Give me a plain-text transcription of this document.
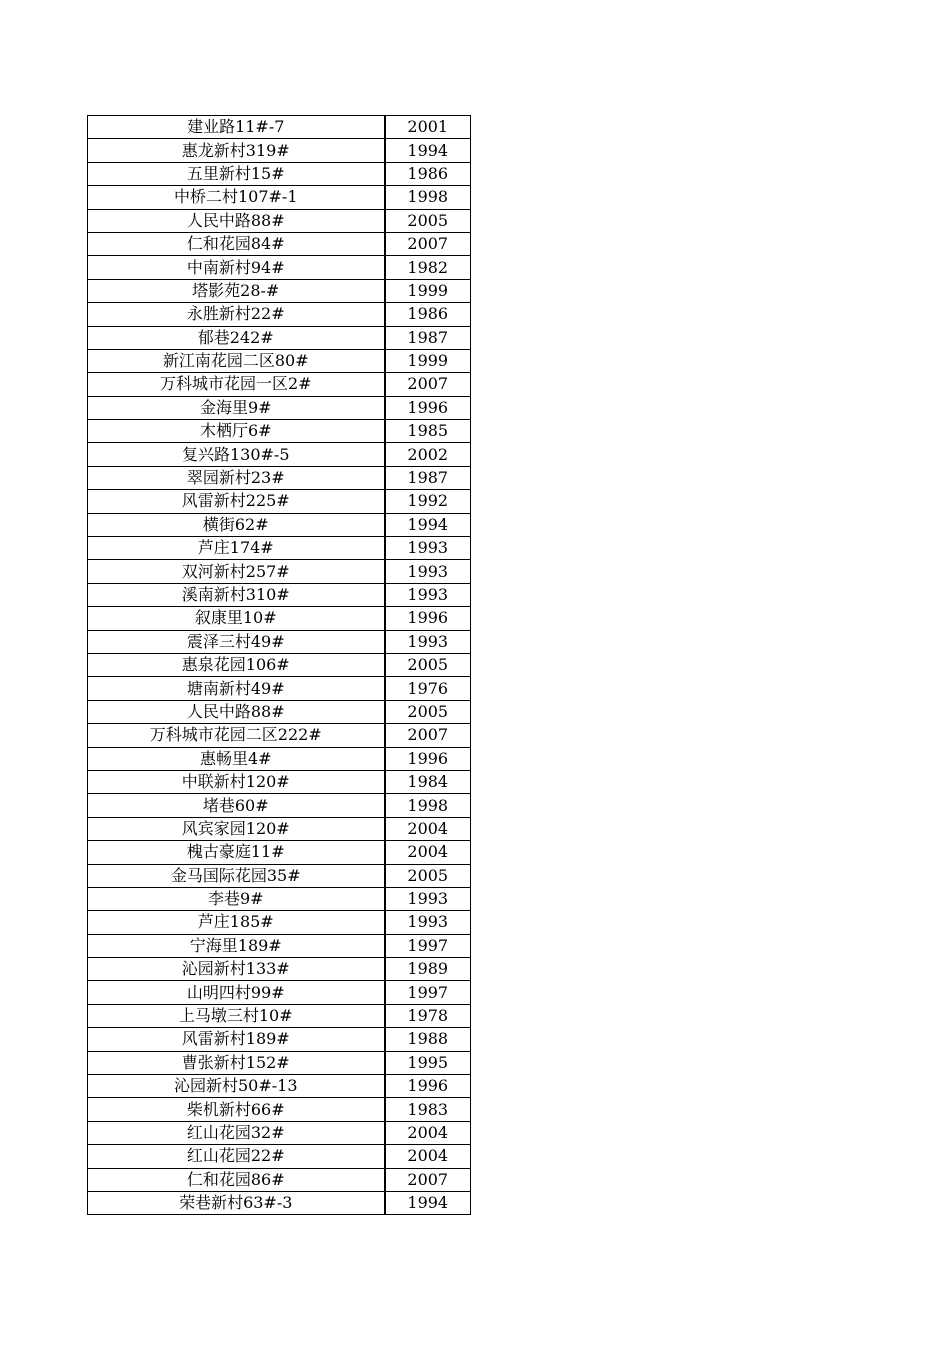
建业路11#-7	2001
惠龙新村319#	1994
五里新村15#	1986
中桥二村107#-1	1998
人民中路88#	2005
仁和花园84#	2007
中南新村94#	1982
塔影苑28-#	1999
永胜新村22#	1986
郁巷242#	1987
新江南花园二区80#	1999
万科城市花园一区2#	2007
金海里9#	1996
木栖厅6#	1985
复兴路130#-5	2002
翠园新村23#	1987
风雷新村225#	1992
横街62#	1994
芦庄174#	1993
双河新村257#	1993
溪南新村310#	1993
叙康里10#	1996
震泽三村49#	1993
惠泉花园106#	2005
塘南新村49#	1976
人民中路88#	2005
万科城市花园二区222#	2007
惠畅里4#	1996
中联新村120#	1984
堵巷60#	1998
风宾家园120#	2004
槐古豪庭11#	2004
金马国际花园35#	2005
李巷9#	1993
芦庄185#	1993
宁海里189#	1997
沁园新村133#	1989
山明四村99#	1997
上马墩三村10#	1978
风雷新村189#	1988
曹张新村152#	1995
沁园新村50#-13	1996
柴机新村66#	1983
红山花园32#	2004
红山花园22#	2004
仁和花园86#	2007
荣巷新村63#-3	1994
